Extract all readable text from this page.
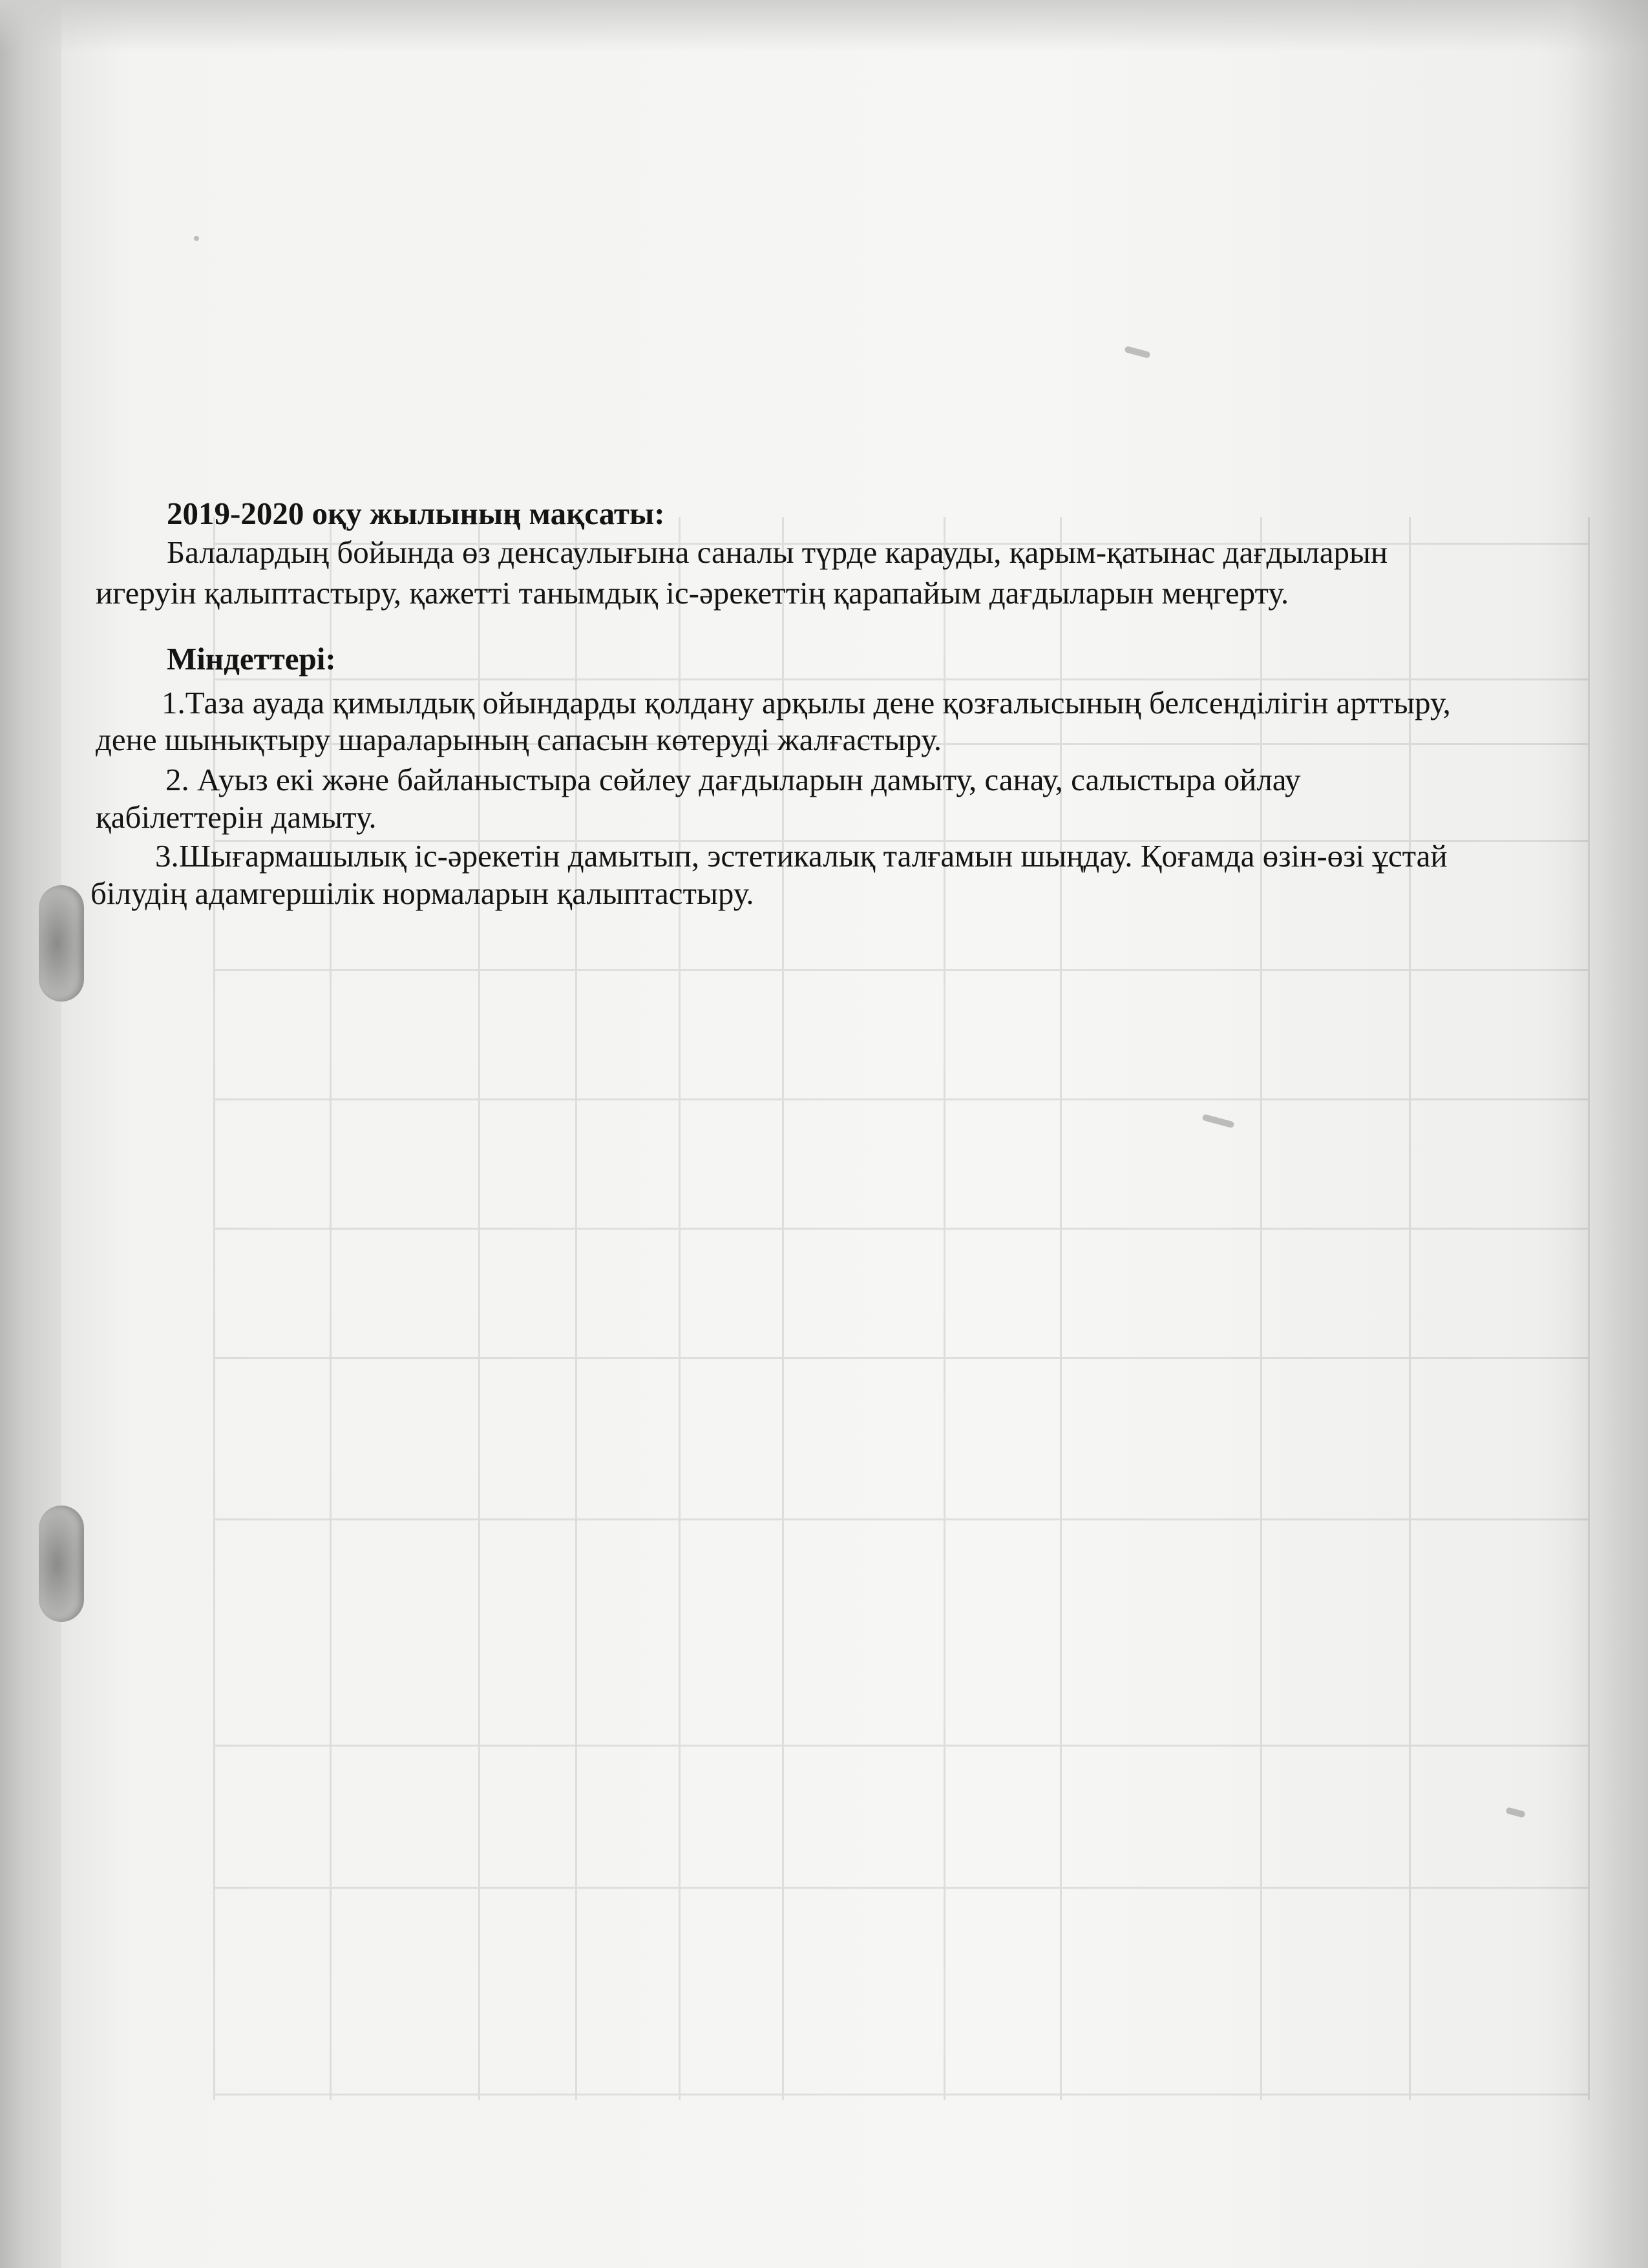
2019-2020 оқу жылының мақсаты:
Балалардың бойында өз денсаулығына саналы түрде карауды, қарым-қатынас дағдыларын
игеруін қалыптастыру, қажетті танымдық іс-әрекеттің қарапайым дағдыларын меңгерту.
Міндеттері:
1.Таза ауада қимылдық ойындарды қолдану арқылы дене қозғалысының белсенділігін арттыру,
дене шынықтыру шараларының сапасын көтеруді жалғастыру.
2. Ауыз екі және байланыстыра сөйлеу дағдыларын дамыту, санау, салыстыра ойлау
қабілеттерін дамыту.
3.Шығармашылық іс-әрекетін дамытып, эстетикалық талғамын шыңдау. Қоғамда өзін-өзі ұстай
білудің адамгершілік нормаларын қалыптастыру.
